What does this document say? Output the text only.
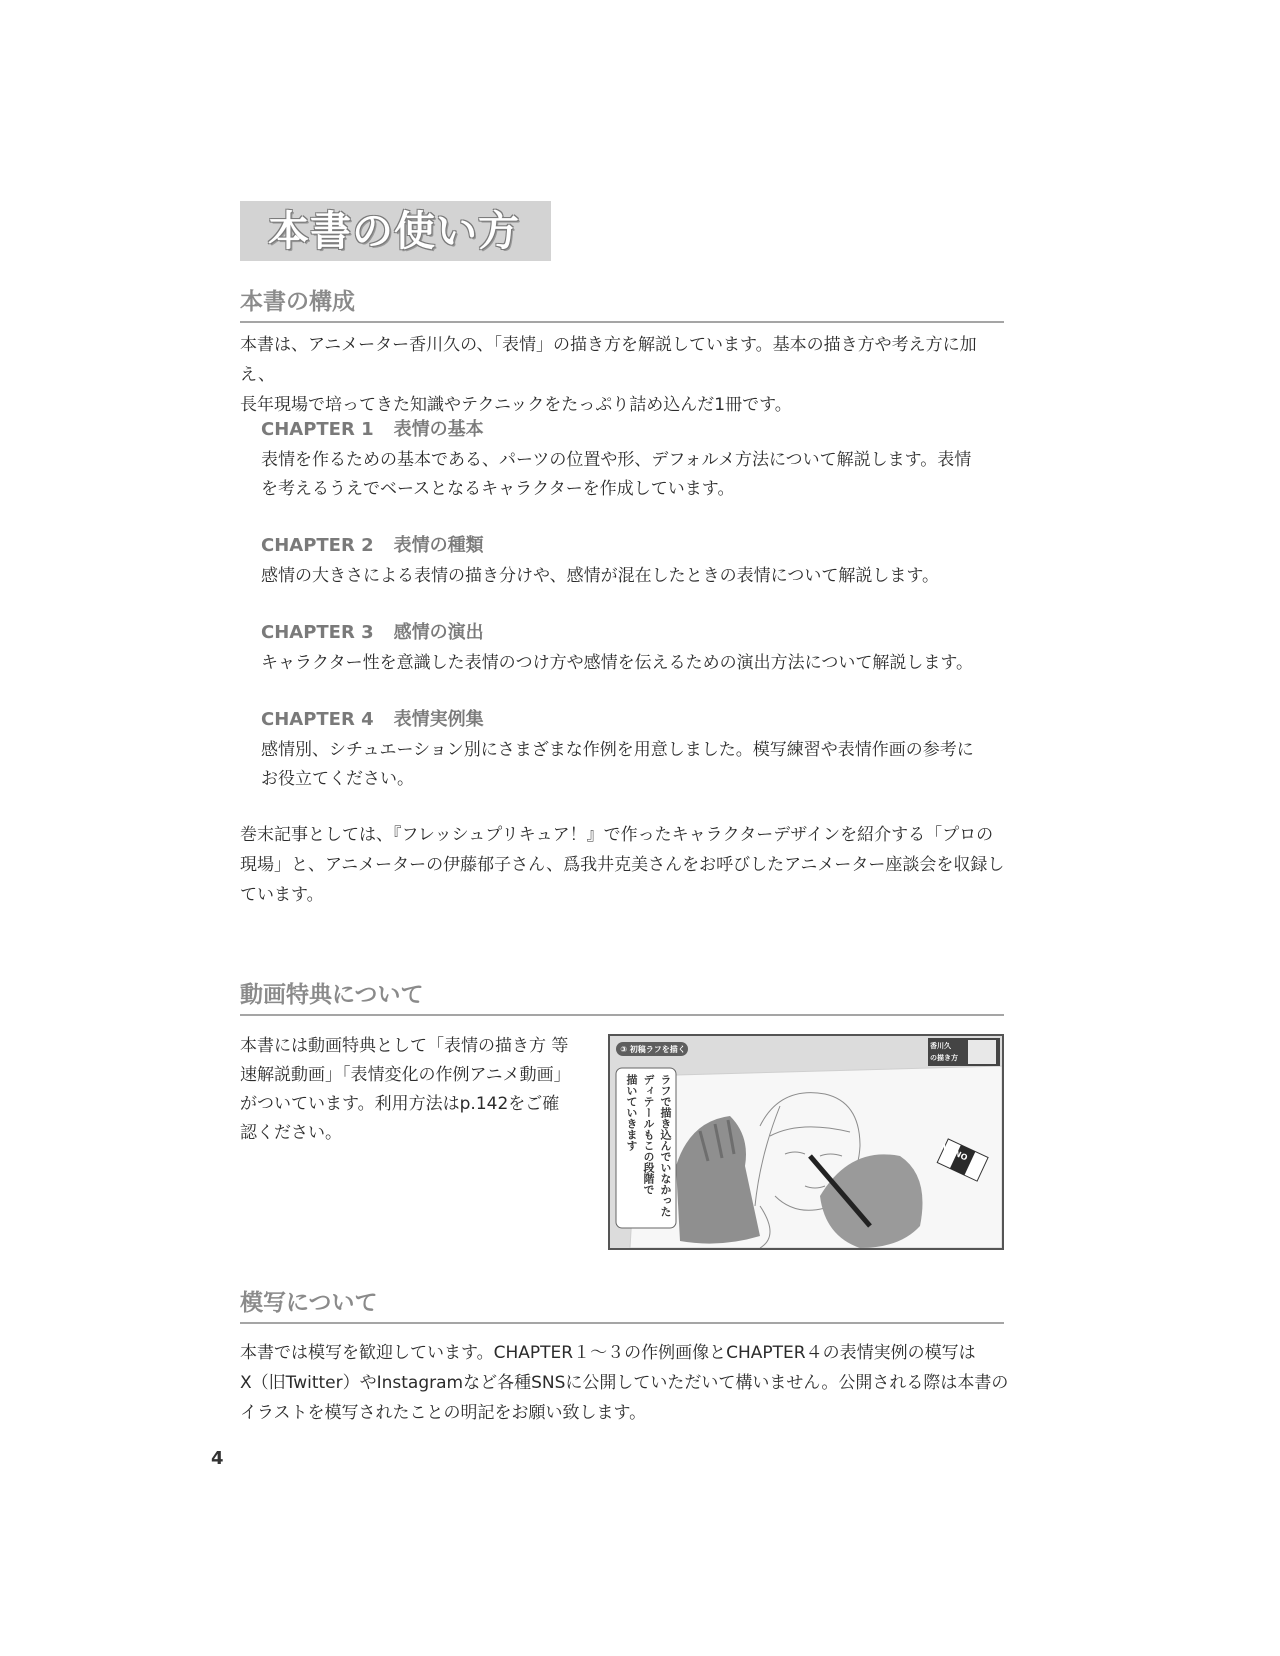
本書の使い方
本書の構成
本書は、アニメーター香川久の、「表情」の描き方を解説しています。基本の描き方や考え方に加え、
長年現場で培ってきた知識やテクニックをたっぷり詰め込んだ1冊です。
CHAPTER 1 表情の基本
表情を作るための基本である、パーツの位置や形、デフォルメ方法について解説します。表情
を考えるうえでベースとなるキャラクターを作成しています。
CHAPTER 2 表情の種類
感情の大きさによる表情の描き分けや、感情が混在したときの表情について解説します。
CHAPTER 3 感情の演出
キャラクター性を意識した表情のつけ方や感情を伝えるための演出方法について解説します。
CHAPTER 4 表情実例集
感情別、シチュエーション別にさまざまな作例を用意しました。模写練習や表情作画の参考に
お役立てください。
巻末記事としては、『フレッシュプリキュア！』で作ったキャラクターデザインを紹介する「プロの
現場」と、アニメーターの伊藤郁子さん、爲我井克美さんをお呼びしたアニメーター座談会を収録し
ています。
動画特典について
本書には動画特典として「表情の描き方 等
速解説動画」「表情変化の作例アニメ動画」
がついています。利用方法はp.142をご確
認ください。
③ 初稿ラフを描く
ラフで描き込んでいなかった
ディテールもこの段階で
描いていきます
香川久
の描き方
MONO
模写について
本書では模写を歓迎しています。CHAPTER１～３の作例画像とCHAPTER４の表情実例の模写は
X（旧Twitter）やInstagramなど各種SNSに公開していただいて構いません。公開される際は本書の
イラストを模写されたことの明記をお願い致します。
4
